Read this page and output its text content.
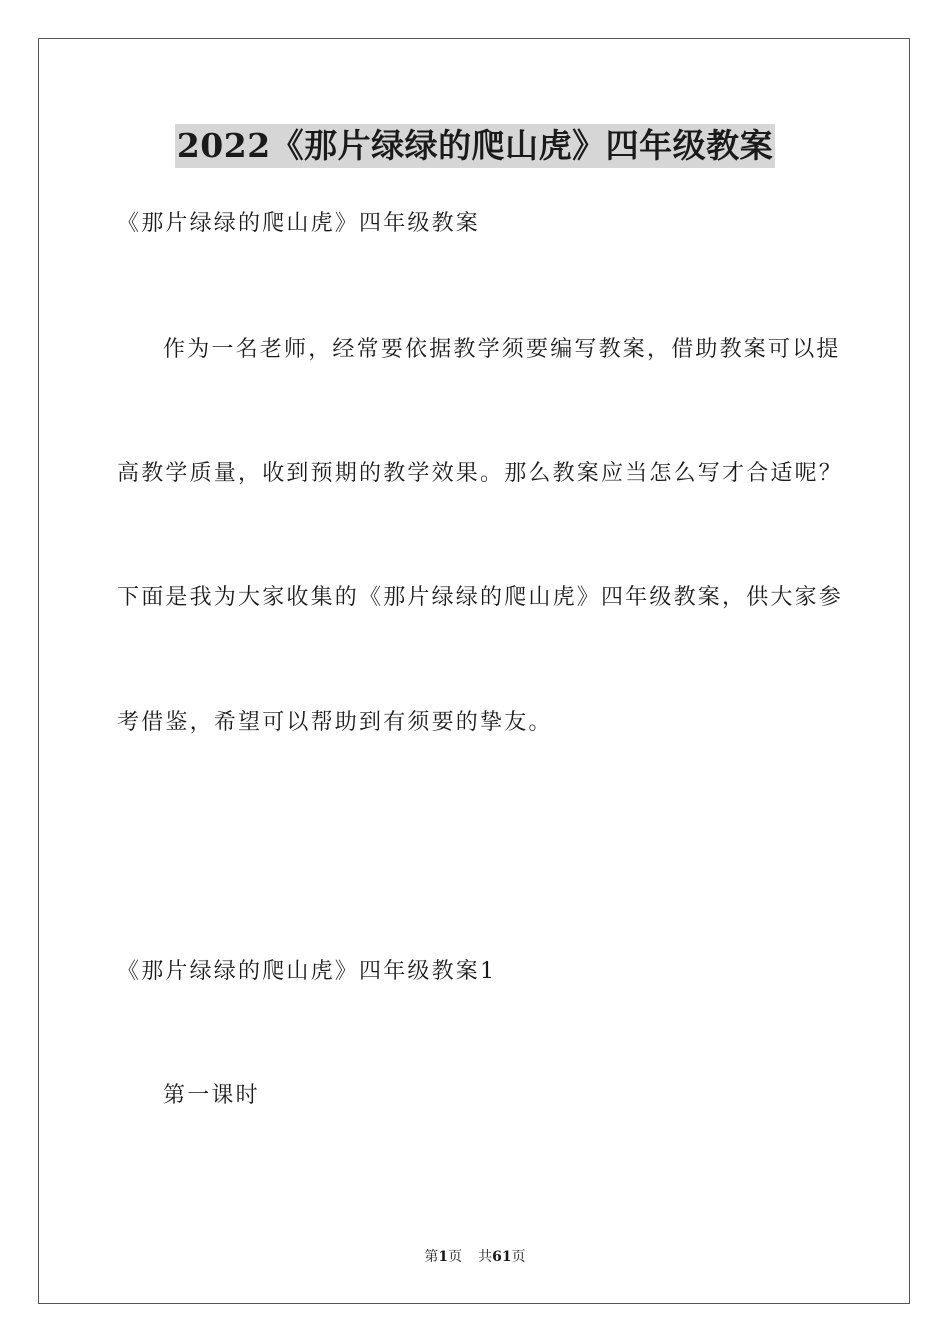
2022《那片绿绿的爬山虎》四年级教案

《那片绿绿的爬山虎》四年级教案

作为一名老师，经常要依据教学须要编写教案，借助教案可以提

高教学质量，收到预期的教学效果。那么教案应当怎么写才合适呢？

下面是我为大家收集的《那片绿绿的爬山虎》四年级教案，供大家参

考借鉴，希望可以帮助到有须要的挚友。

《那片绿绿的爬山虎》四年级教案1

第一课时

第1页 共61页
